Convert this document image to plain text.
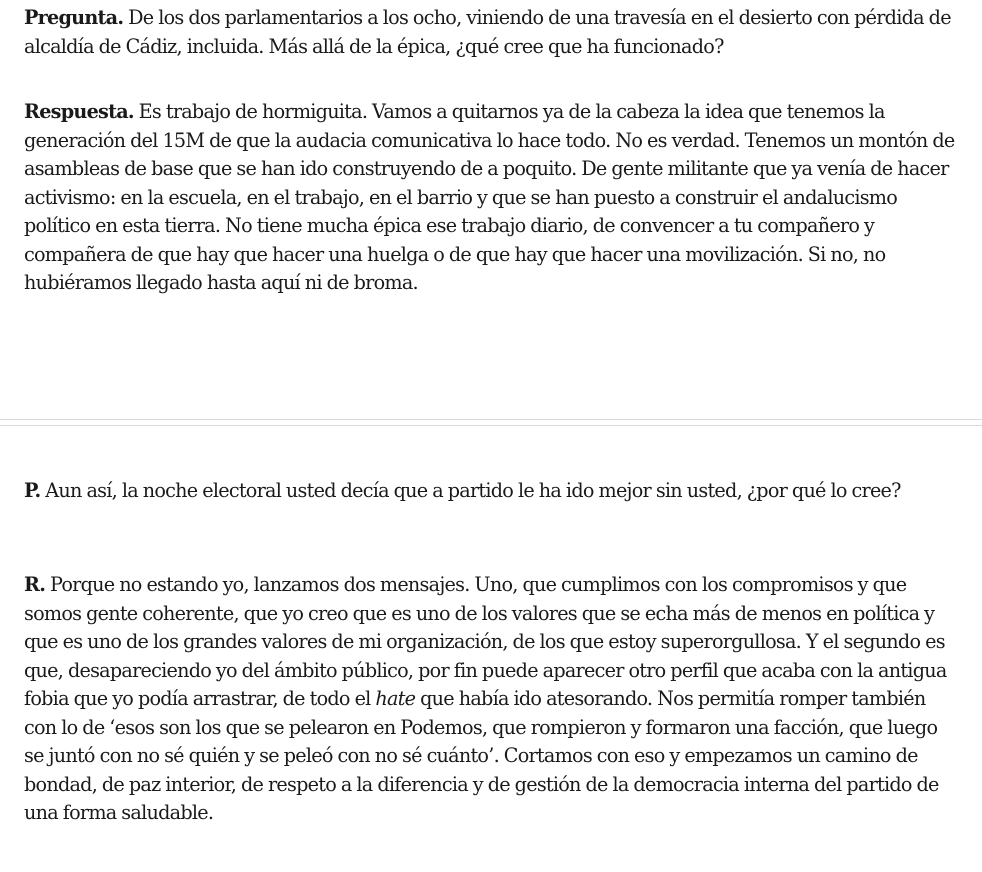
Pregunta. De los dos parlamentarios a los ocho, viniendo de una travesía en el desierto con pérdida de alcaldía de Cádiz, incluida. Más allá de la épica, ¿qué cree que ha funcionado?

Respuesta. Es trabajo de hormiguita. Vamos a quitarnos ya de la cabeza la idea que tenemos la generación del 15M de que la audacia comunicativa lo hace todo. No es verdad. Tenemos un montón de asambleas de base que se han ido construyendo de a poquito. De gente militante que ya venía de hacer activismo: en la escuela, en el trabajo, en el barrio y que se han puesto a construir el andalucismo político en esta tierra. No tiene mucha épica ese trabajo diario, de convencer a tu compañero y compañera de que hay que hacer una huelga o de que hay que hacer una movilización. Si no, no hubiéramos llegado hasta aquí ni de broma.

P. Aun así, la noche electoral usted decía que a partido le ha ido mejor sin usted, ¿por qué lo cree?

R. Porque no estando yo, lanzamos dos mensajes. Uno, que cumplimos con los compromisos y que somos gente coherente, que yo creo que es uno de los valores que se echa más de menos en política y que es uno de los grandes valores de mi organización, de los que estoy superorgullosa. Y el segundo es que, desapareciendo yo del ámbito público, por fin puede aparecer otro perfil que acaba con la antigua fobia que yo podía arrastrar, de todo el hate que había ido atesorando. Nos permitía romper también con lo de ‘esos son los que se pelearon en Podemos, que rompieron y formaron una facción, que luego se juntó con no sé quién y se peleó con no sé cuánto’. Cortamos con eso y empezamos un camino de bondad, de paz interior, de respeto a la diferencia y de gestión de la democracia interna del partido de una forma saludable.
